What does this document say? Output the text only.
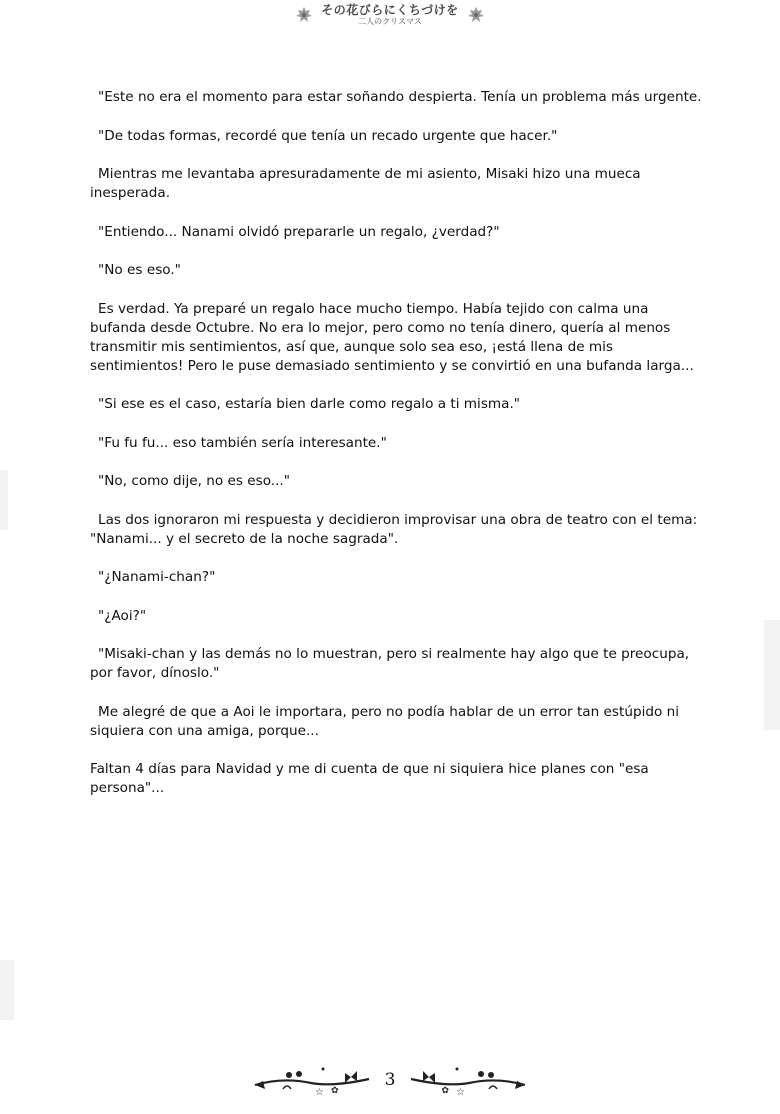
その花びらにくちづけを
二人のクリスマス

"Este no era el momento para estar soñando despierta. Tenía un problema más urgente.

"De todas formas, recordé que tenía un recado urgente que hacer."

Mientras me levantaba apresuradamente de mi asiento, Misaki hizo una mueca inesperada.

"Entiendo... Nanami olvidó prepararle un regalo, ¿verdad?"

"No es eso."

Es verdad. Ya preparé un regalo hace mucho tiempo. Había tejido con calma una bufanda desde Octubre. No era lo mejor, pero como no tenía dinero, quería al menos transmitir mis sentimientos, así que, aunque solo sea eso, ¡está llena de mis sentimientos! Pero le puse demasiado sentimiento y se convirtió en una bufanda larga...

"Si ese es el caso, estaría bien darle como regalo a ti misma."

"Fu fu fu... eso también sería interesante."

"No, como dije, no es eso..."

Las dos ignoraron mi respuesta y decidieron improvisar una obra de teatro con el tema: "Nanami... y el secreto de la noche sagrada".

"¿Nanami-chan?"

"¿Aoi?"

"Misaki-chan y las demás no lo muestran, pero si realmente hay algo que te preocupa, por favor, dínoslo."

Me alegré de que a Aoi le importara, pero no podía hablar de un error tan estúpido ni siquiera con una amiga, porque...

Faltan 4 días para Navidad y me di cuenta de que ni siquiera hice planes con "esa persona"...

☆ ✿
3
☆
✿
